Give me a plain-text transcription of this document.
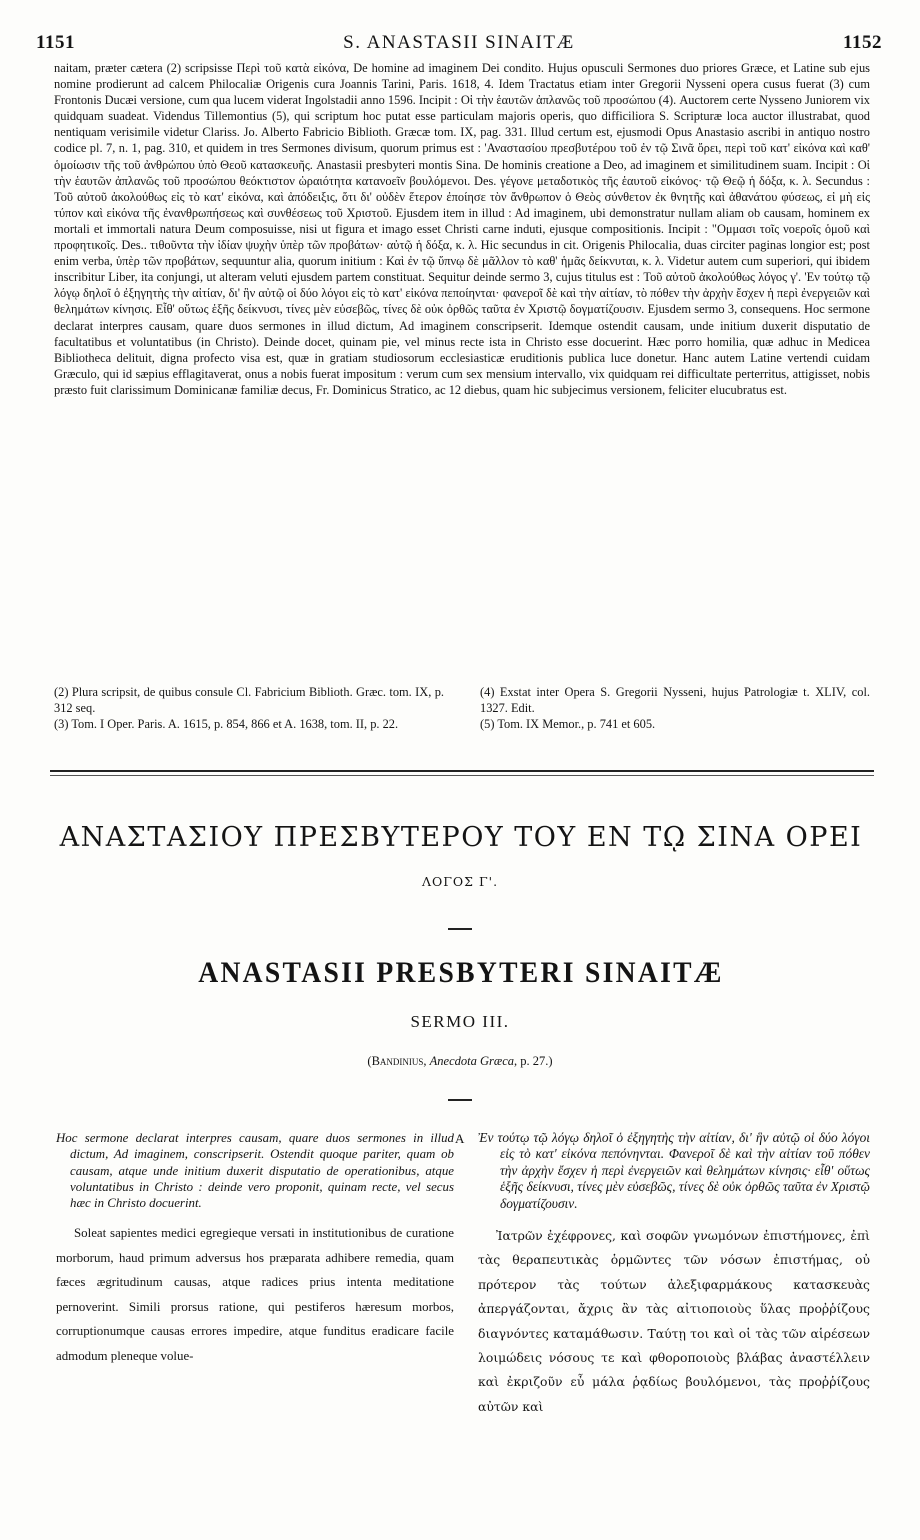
1151	S. ANASTASII SINAITÆ	1152

naitam, præter cætera (2) scripsisse Περὶ τοῦ κατὰ εἰκόνα, De homine ad imaginem Dei condito. Hujus opusculi Sermones duo priores Græce, et Latine sub ejus nomine prodierunt ad calcem Philocaliæ Origenis cura Joannis Tarini, Paris. 1618, 4. Idem Tractatus etiam inter Gregorii Nysseni opera cusus fuerat (3) cum Frontonis Ducæi versione, cum qua lucem viderat Ingolstadii anno 1596. Incipit : Οἱ τὴν ἑαυτῶν ἀπλανῶς τοῦ προσώπου (4). Auctorem certe Nysseno Juniorem vix quidquam suadeat. Videndus Tillemontius (5), qui scriptum hoc putat esse particulam majoris operis, quo difficiliora S. Scripturæ loca auctor illustrabat, quod nentiquam verisimile videtur Clariss. Jo. Alberto Fabricio Biblioth. Græcæ tom. IX, pag. 331. Illud certum est, ejusmodi Opus Anastasio ascribi in antiquo nostro codice pl. 7, n. 1, pag. 310, et quidem in tres Sermones divisum, quorum primus est : 'Αναστασίου πρεσβυτέρου τοῦ ἐν τῷ Σινᾶ ὄρει, περὶ τοῦ κατ' εἰκόνα καὶ καθ' ὁμοίωσιν τῆς τοῦ ἀνθρώπου ὑπὸ Θεοῦ κατασκευῆς. Anastasii presbyteri montis Sina. De hominis creatione a Deo, ad imaginem et similitudinem suam. Incipit : Οἱ τὴν ἑαυτῶν ἀπλανῶς τοῦ προσώπου θεόκτιστον ὡραιότητα κατανοεῖν βουλόμενοι. Des. γέγονε μεταδοτικὸς τῆς ἑαυτοῦ εἰκόνος· τῷ Θεῷ ἡ δόξα, κ. λ. Secundus : Τοῦ αὐτοῦ ἀκολούθως εἰς τὸ κατ' εἰκόνα, καὶ ἀπόδειξις, ὅτι δι' οὐδὲν ἕτερον ἐποίησε τὸν ἄνθρωπον ὁ Θεὸς σύνθετον ἐκ θνητῆς καὶ ἀθανάτου φύσεως, εἰ μὴ εἰς τύπον καὶ εἰκόνα τῆς ἐνανθρωπήσεως καὶ συνθέσεως τοῦ Χριστοῦ. Ejusdem item in illud : Ad imaginem, ubi demonstratur nullam aliam ob causam, hominem ex mortali et immortali natura Deum composuisse, nisi ut figura et imago esset Christi carne induti, ejusque compositionis. Incipit : "Ομμασι τοῖς νοεροῖς ὁμοῦ καὶ προφητικοῖς. Des.. τιθοῦντα τὴν ἰδίαν ψυχὴν ὑπὲρ τῶν προβάτων· αὐτῷ ἡ δόξα, κ. λ. Hic secundus in cit. Origenis Philocalia, duas circiter paginas longior est; post enim verba, ὑπὲρ τῶν προβάτων, sequuntur alia, quorum initium : Καὶ ἐν τῷ ὕπνῳ δὲ μᾶλλον τὸ καθ' ἡμᾶς δείκνυται, κ. λ. Videtur autem cum superiori, qui ibidem inscribitur Liber, ita conjungi, ut alteram veluti ejusdem partem constituat. Sequitur deinde sermo 3, cujus titulus est : Τοῦ αὐτοῦ ἀκολούθως λόγος γ'. 'Εν τούτῳ τῷ λόγῳ δηλοῖ ὁ ἐξηγητὴς τὴν αἰτίαν, δι' ἣν αὐτῷ οἱ δύο λόγοι εἰς τὸ κατ' εἰκόνα πεποίηνται· φανεροῖ δὲ καὶ τὴν αἰτίαν, τὸ πόθεν τὴν ἀρχὴν ἔσχεν ἡ περὶ ἐνεργειῶν καὶ θελημάτων κίνησις. Εἶθ' οὕτως ἑξῆς δείκνυσι, τίνες μὲν εὐσεβῶς, τίνες δὲ οὐκ ὀρθῶς ταῦτα ἐν Χριστῷ δογματίζουσιν. Ejusdem sermo 3, consequens. Hoc sermone declarat interpres causam, quare duos sermones in illud dictum, Ad imaginem conscripserit. Idemque ostendit causam, unde initium duxerit disputatio de facultatibus et voluntatibus (in Christo). Deinde docet, quinam pie, vel minus recte ista in Christo esse docuerint. Hæc porro homilia, quæ adhuc in Medicea Bibliotheca delituit, digna profecto visa est, quæ in gratiam studiosorum ecclesiasticæ eruditionis publica luce donetur. Hanc autem Latine vertendi cuidam Græculo, qui id sæpius efflagitaverat, onus a nobis fuerat impositum : verum cum sex mensium intervallo, vix quidquam rei difficultate perterritus, attigisset, nobis præsto fuit clarissimum Dominicanæ familiæ decus, Fr. Dominicus Stratico, ac 12 diebus, quam hic subjecimus versionem, feliciter elucubratus est.

(2) Plura scripsit, de quibus consule Cl. Fabricium Biblioth. Græc. tom. IX, p. 312 seq.

(3) Tom. I Oper. Paris. A. 1615, p. 854, 866 et A. 1638, tom. II, p. 22.

(4) Exstat inter Opera S. Gregorii Nysseni, hujus Patrologiæ t. XLIV, col. 1327. Edit.

(5) Tom. IX Memor., p. 741 et 605.

ΑΝΑΣΤΑΣΙΟΥ ΠΡΕΣΒΥΤΕΡΟΥ ΤΟΥ ΕΝ Τῼ ΣΙΝΑ ΟΡΕΙ
ΛΟΓΟΣ Γ'.
ANASTASII PRESBYTERI SINAITÆ
SERMO III.
(Bandinius, Anecdota Græca, p. 27.)

Hoc sermone declarat interpres causam, quare duos sermones in illud dictum, Ad imaginem, conscripserit. Ostendit quoque pariter, quam ob causam, atque unde initium duxerit disputatio de operationibus, atque voluntatibus in Christo : deinde vero proponit, quinam recte, vel secus hæc in Christo docuerint.

Soleat sapientes medici egregieque versati in institutionibus de curatione morborum, haud primum adversus hos præparata adhibere remedia, quam fæces ægritudinum causas, atque radices prius intenta meditatione pernoverint. Simili prorsus ratione, qui pestiferos hæresum morbos, corruptionumque causas errores impedire, atque funditus eradicare facile admodum pleneque volue-

A Ἐν τούτῳ τῷ λόγῳ δηλοῖ ὁ ἐξηγητὴς τὴν αἰτίαν, δι' ἣν αὐτῷ οἱ δύο λόγοι εἰς τὸ κατ' εἰκόνα πεπόνηνται. Φανεροῖ δὲ καὶ τὴν αἰτίαν τοῦ πόθεν τὴν ἀρχὴν ἔσχεν ἡ περὶ ἐνεργειῶν καὶ θελημάτων κίνησις· εἶθ' οὕτως ἑξῆς δείκνυσι, τίνες μὲν εὐσεβῶς, τίνες δὲ οὐκ ὀρθῶς ταῦτα ἐν Χριστῷ δογματίζουσιν.

Ἰατρῶν ἐχέφρονες, καὶ σοφῶν γνωμόνων ἐπιστήμονες, ἐπὶ τὰς θεραπευτικὰς ὁρμῶντες τῶν νόσων ἐπιστήμας, οὐ πρότερον τὰς τούτων ἀλεξιφαρμάκους κατασκευὰς ἀπεργάζονται, ἄχρις ἂν τὰς αἰτιοποιοὺς ὕλας προῤῥίζους διαγνόντες καταμάθωσιν. Ταύτῃ τοι καὶ οἱ τὰς τῶν αἱρέσεων λοιμώδεις νόσους τε καὶ φθοροποιοὺς βλάβας ἀναστέλλειν καὶ ἐκριζοῦν εὖ μάλα ῥᾳδίως βουλόμενοι, τὰς προῤῥίζους αὐτῶν καὶ
